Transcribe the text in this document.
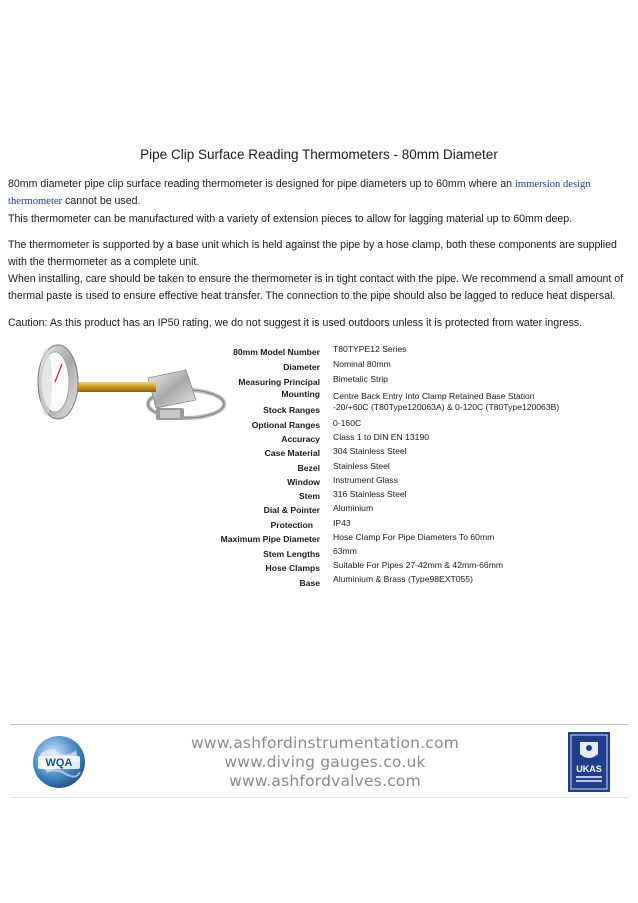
Pipe Clip Surface Reading Thermometers - 80mm Diameter
80mm diameter pipe clip surface reading thermometer is designed for pipe diameters up to 60mm where an immersion design thermometer cannot be used.
This thermometer can be manufactured with a variety of extension pieces to allow for lagging material up to 60mm deep.
The thermometer is supported by a base unit which is held against the pipe by a hose clamp, both these components are supplied with the thermometer as a complete unit.
When installing, care should be taken to ensure the thermometer is in tight contact with the pipe. We recommend a small amount of thermal paste is used to ensure effective heat transfer. The connection to the pipe should also be lagged to reduce heat dispersal.
Caution: As this product has an IP50 rating, we do not suggest it is used outdoors unless it is protected from water ingress.
80mm Model Number T80TYPE12 Series
Diameter Nominal 80mm
Measuring Principal Bimetalic Strip
Mounting Centre Back Entry Into Clamp Retained Base Station
Stock Ranges -20/+60C (T80Type120063A) & 0-120C (T80Type120063B)
Optional Ranges 0-160C
Accuracy Class 1 to DIN EN 13190
Case Material 304 Stainless Steel
Bezel Stainless Steel
Window Instrument Glass
Stem 316 Stainless Steel
Dial & Pointer Aluminium
Protection IP43
Maximum Pipe Diameter Hose Clamp For Pipe Diameters To 60mm
Stem Lengths 63mm
Hose Clamps Suitable For Pipes 27-42mm & 42mm-66mm
Base Aluminium & Brass (Type98EXT055)
WQA
www.ashfordinstrumentation.com
www.diving gauges.co.uk
www.ashfordvalves.com
UKAS
